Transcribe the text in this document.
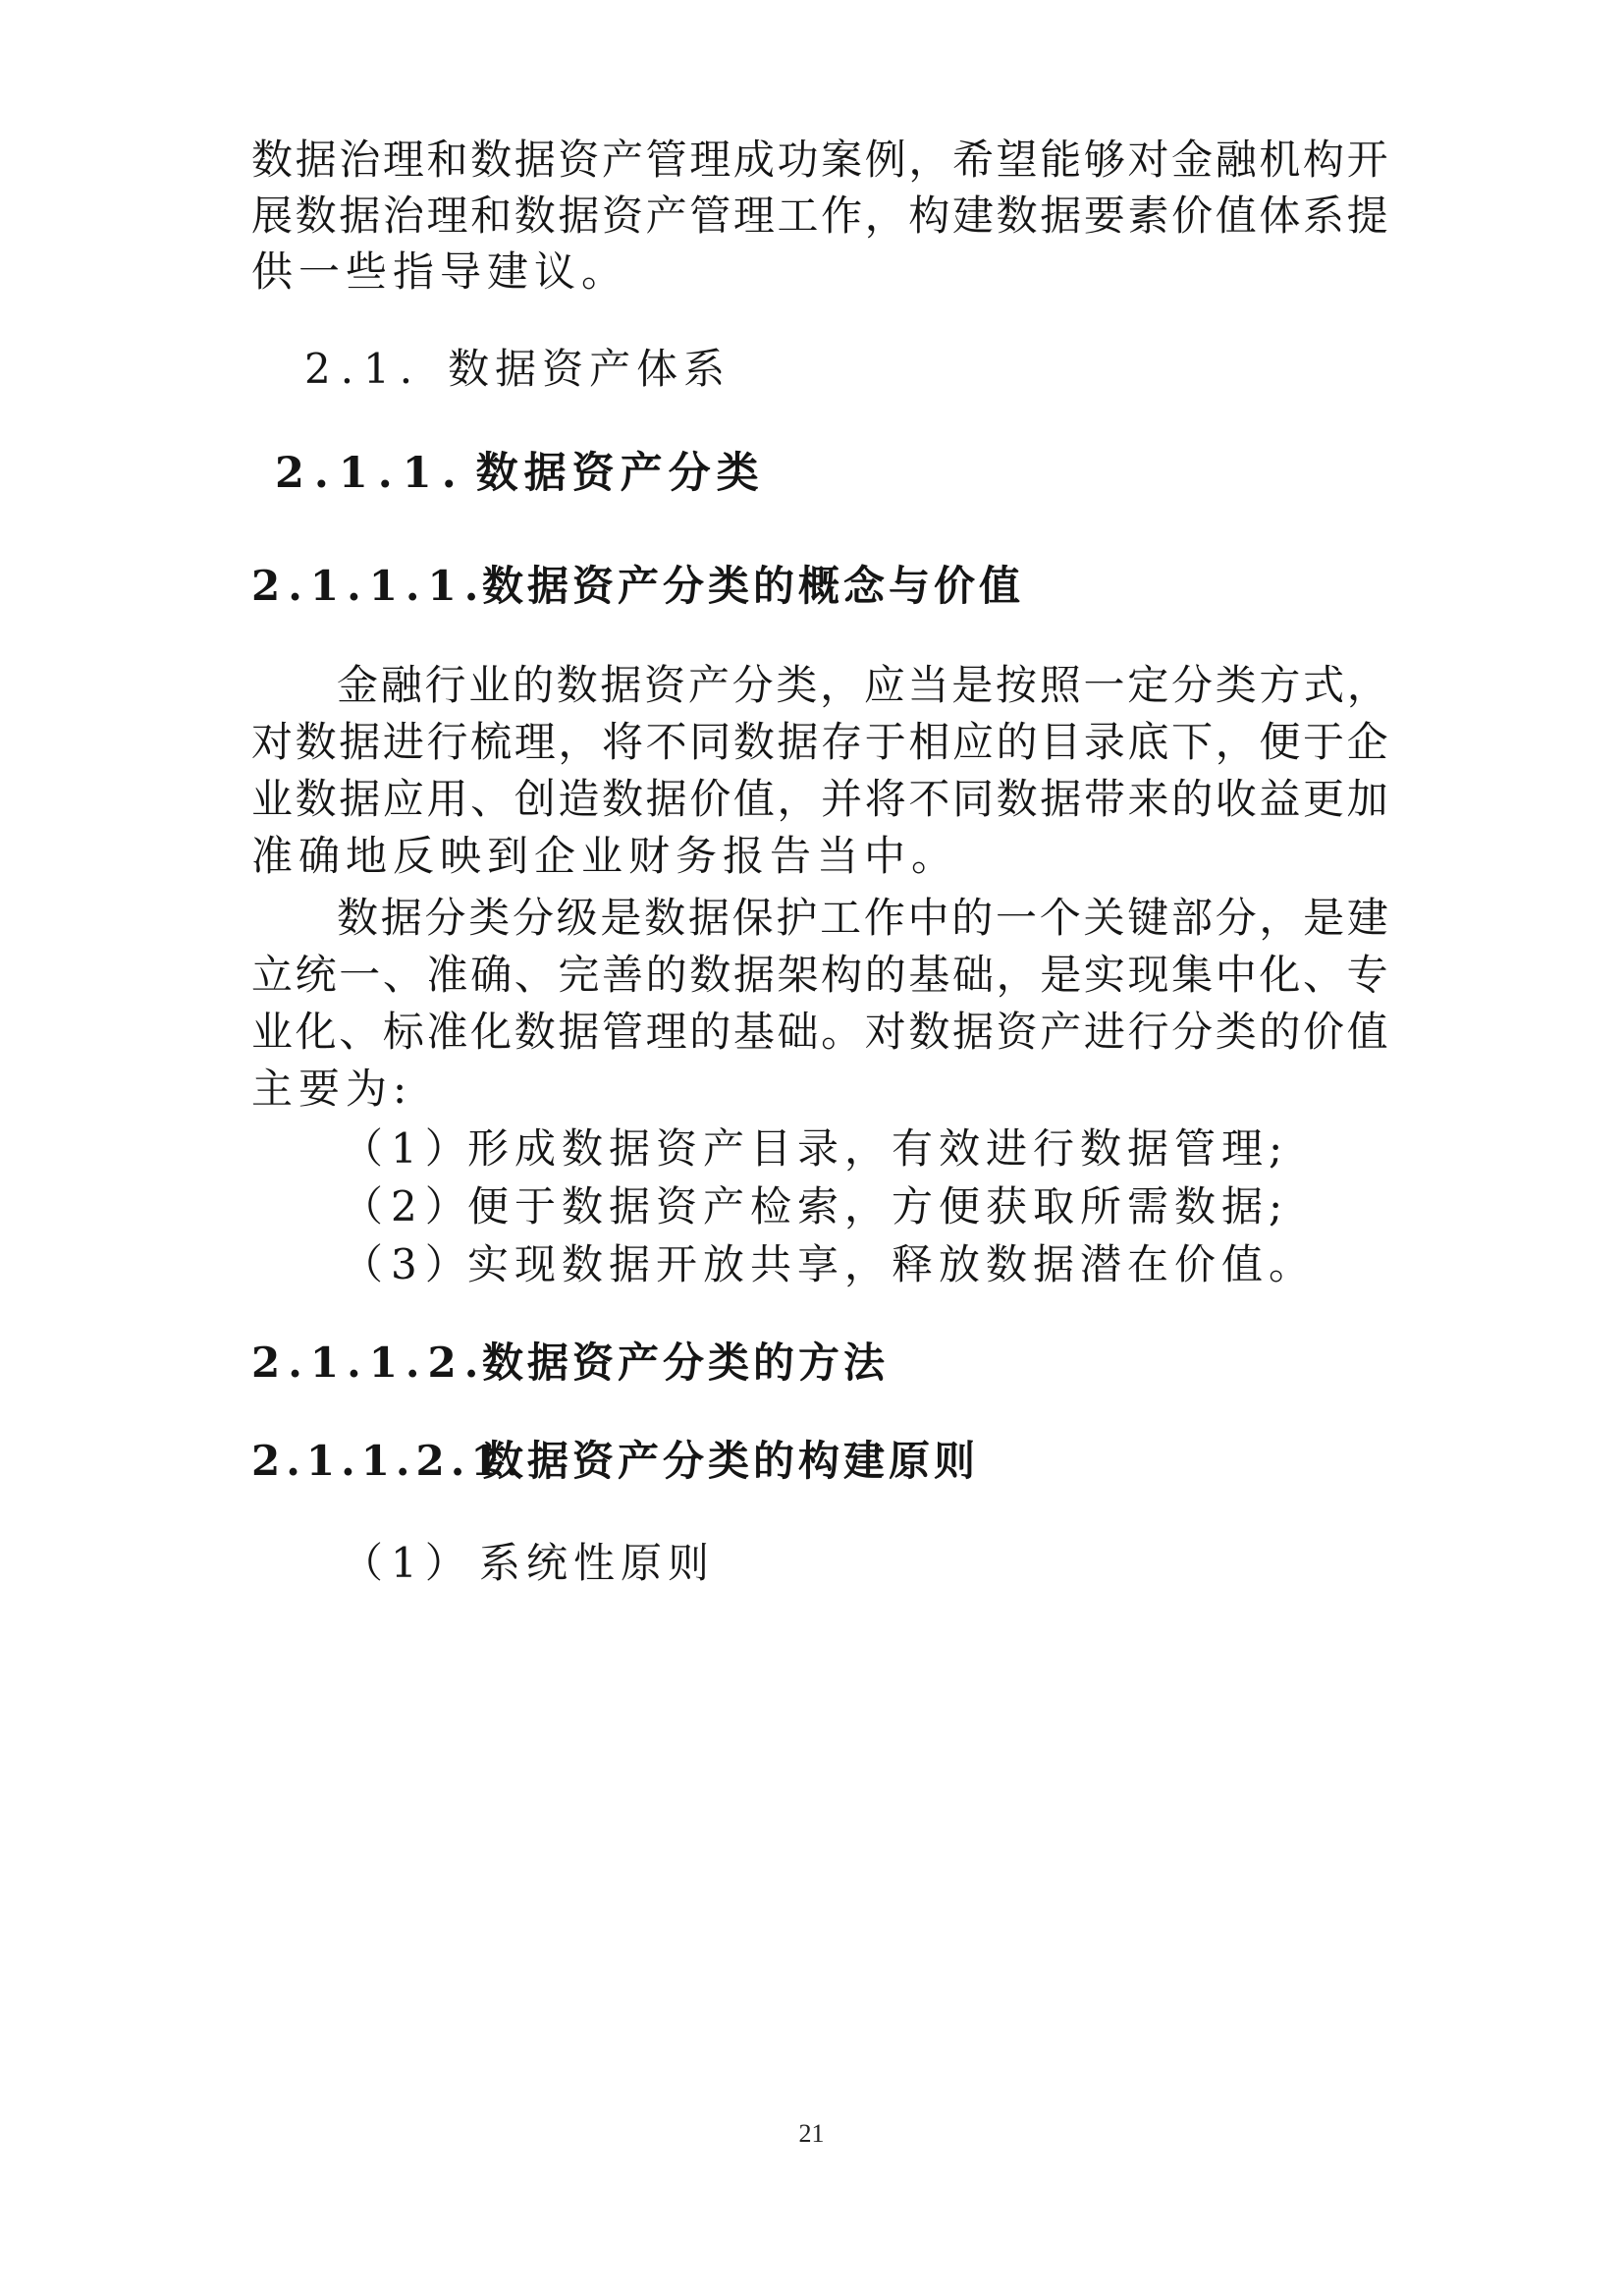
数 据 治 理 和 数 据 资 产 管 理 成 功 案 例 ， 希 望 能 够 对 金 融 机 构 开
展 数 据 治 理 和 数 据 资 产 管 理 工 作 ， 构 建 数 据 要 素 价 值 体 系 提
供一些指导建议。
2.1. 数据资产体系
2.1.1. 数据资产分类
2.1.1.1.数据资产分类的概念与价值
金 融 行 业 的 数 据 资 产 分 类 ， 应 当 是 按 照 一 定 分 类 方 式 ，
对 数 据 进 行 梳 理 ， 将 不 同 数 据 存 于 相 应 的 目 录 底 下 ， 便 于 企
业 数 据 应 用 、 创 造 数 据 价 值 ， 并 将 不 同 数 据 带 来 的 收 益 更 加
准确地反映到企业财务报告当中。
数 据 分 类 分 级 是 数 据 保 护 工 作 中 的 一 个 关 键 部 分 ， 是 建
立 统 一 、 准 确 、 完 善 的 数 据 架 构 的 基 础 ， 是 实 现 集 中 化 、 专
业 化 、 标 准 化 数 据 管 理 的 基 础 。 对 数 据 资 产 进 行 分 类 的 价 值
主要为:
（1）形成数据资产目录，有效进行数据管理;
（2）便于数据资产检索，方便获取所需数据;
（3）实现数据开放共享，释放数据潜在价值。
2.1.1.2.数据资产分类的方法
2.1.1.2.1.数据资产分类的构建原则
（1） 系统性原则
21
